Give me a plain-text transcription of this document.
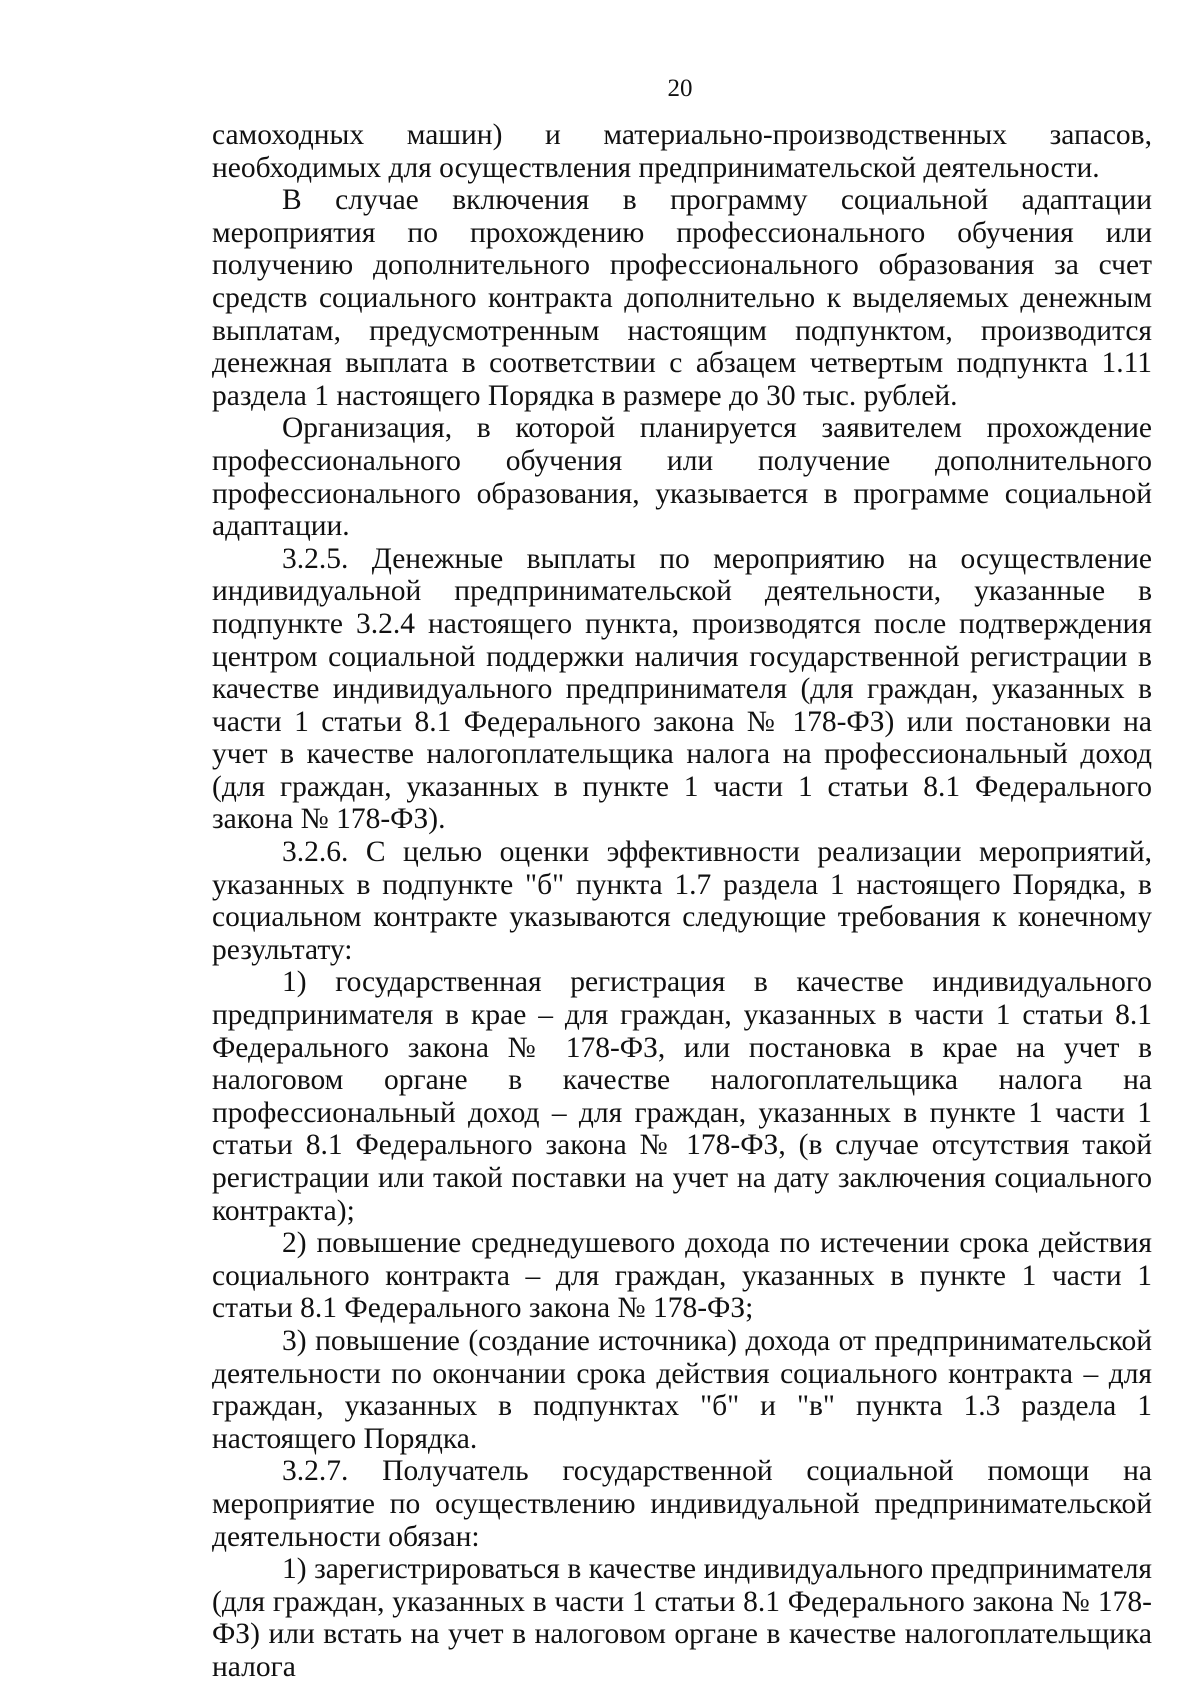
20

самоходных машин) и материально-производственных запасов, необходимых для осуществления предпринимательской деятельности.

В случае включения в программу социальной адаптации мероприятия по прохождению профессионального обучения или получению дополнительного профессионального образования за счет средств социального контракта дополнительно к выделяемых денежным выплатам, предусмотренным настоящим подпунктом, производится денежная выплата в соответствии с абзацем четвертым подпункта 1.11 раздела 1 настоящего Порядка в размере до 30 тыс. рублей.

Организация, в которой планируется заявителем прохождение профессионального обучения или получение дополнительного профессионального образования, указывается в программе социальной адаптации.

3.2.5. Денежные выплаты по мероприятию на осуществление индивидуальной предпринимательской деятельности, указанные в подпункте 3.2.4 настоящего пункта, производятся после подтверждения центром социальной поддержки наличия государственной регистрации в качестве индивидуального предпринимателя (для граждан, указанных в части 1 статьи 8.1 Федерального закона № 178-ФЗ) или постановки на учет в качестве налогоплательщика налога на профессиональный доход (для граждан, указанных в пункте 1 части 1 статьи 8.1 Федерального закона № 178-ФЗ).

3.2.6. С целью оценки эффективности реализации мероприятий, указанных в подпункте "б" пункта 1.7 раздела 1 настоящего Порядка, в социальном контракте указываются следующие требования к конечному результату:

1) государственная регистрация в качестве индивидуального предпринимателя в крае – для граждан, указанных в части 1 статьи 8.1 Федерального закона № 178-ФЗ, или постановка в крае на учет в налоговом органе в качестве налогоплательщика налога на профессиональный доход – для граждан, указанных в пункте 1 части 1 статьи 8.1 Федерального закона № 178-ФЗ, (в случае отсутствия такой регистрации или такой поставки на учет на дату заключения социального контракта);

2) повышение среднедушевого дохода по истечении срока действия социального контракта – для граждан, указанных в пункте 1 части 1 статьи 8.1 Федерального закона № 178-ФЗ;

3) повышение (создание источника) дохода от предпринимательской деятельности по окончании срока действия социального контракта – для граждан, указанных в подпунктах "б" и "в" пункта 1.3 раздела 1 настоящего Порядка.

3.2.7. Получатель государственной социальной помощи на мероприятие по осуществлению индивидуальной предпринимательской деятельности обязан:

1) зарегистрироваться в качестве индивидуального предпринимателя (для граждан, указанных в части 1 статьи 8.1 Федерального закона № 178-ФЗ) или встать на учет в налоговом органе в качестве налогоплательщика налога
